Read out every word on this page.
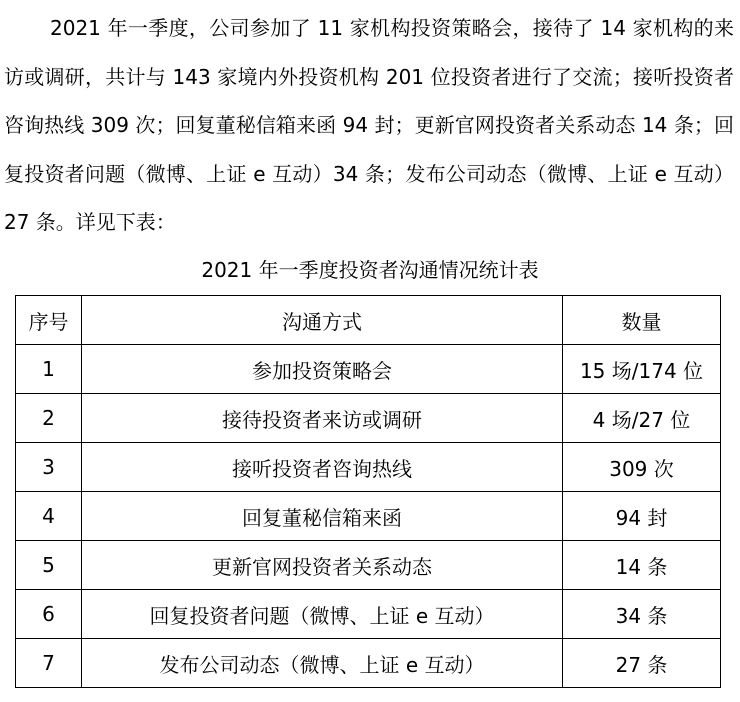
2021 年一季度，公司参加了 11 家机构投资策略会，接待了 14 家机构的来访或调研，共计与 143 家境内外投资机构 201 位投资者进行了交流；接听投资者咨询热线 309 次；回复董秘信箱来函 94 封；更新官网投资者关系动态 14 条；回复投资者问题（微博、上证 e 互动）34 条；发布公司动态（微博、上证 e 互动）27 条。详见下表：

2021 年一季度投资者沟通情况统计表

序号	沟通方式	数量
1	参加投资策略会	15 场/174 位
2	接待投资者来访或调研	4 场/27 位
3	接听投资者咨询热线	309 次
4	回复董秘信箱来函	94 封
5	更新官网投资者关系动态	14 条
6	回复投资者问题（微博、上证 e 互动）	34 条
7	发布公司动态（微博、上证 e 互动）	27 条
